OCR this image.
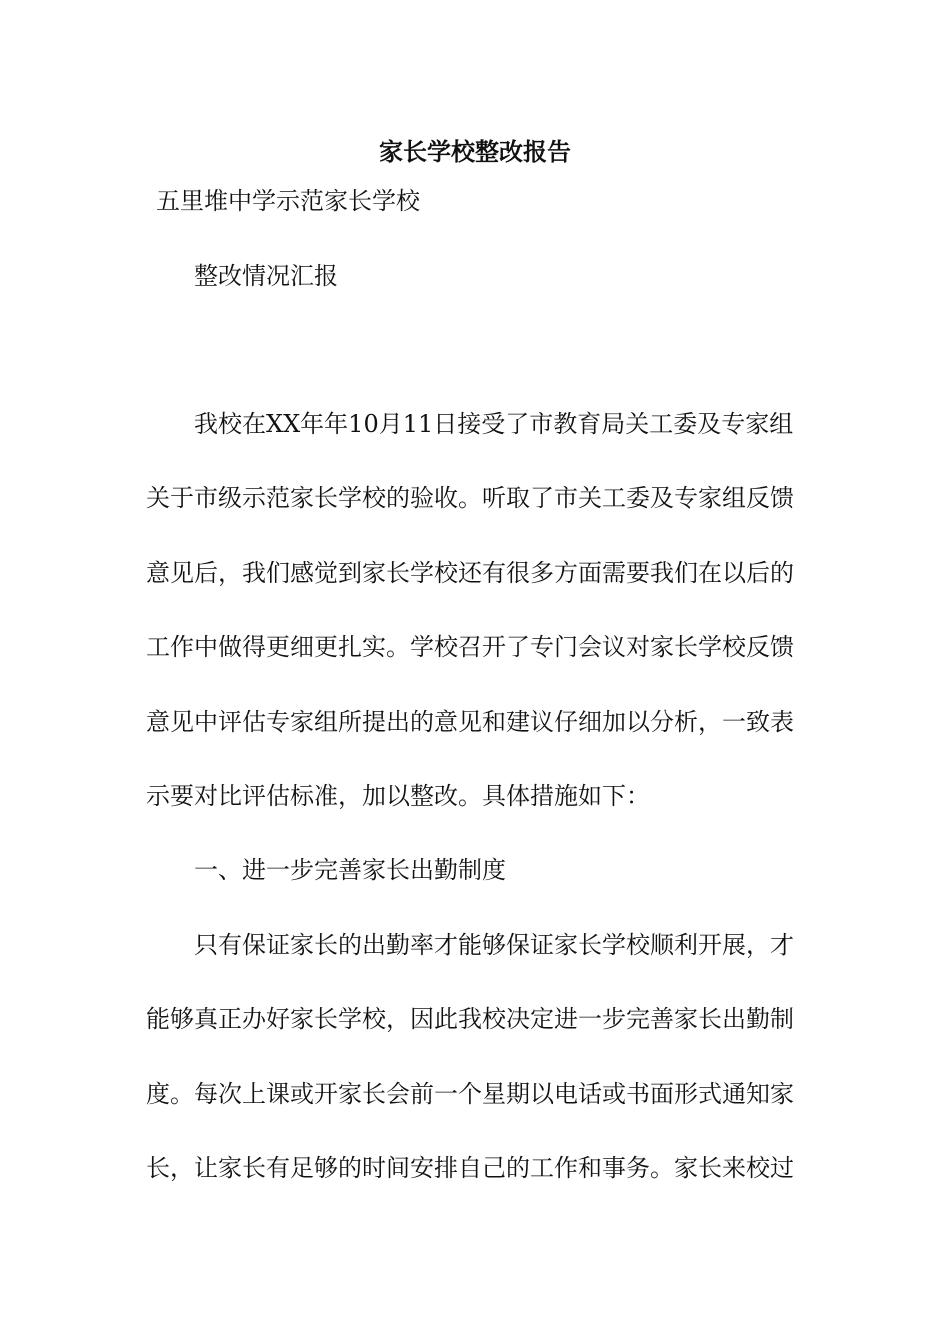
家长学校整改报告
五里堆中学示范家长学校
整改情况汇报
我校在XX年年10月11日接受了市教育局关工委及专家组
关于市级示范家长学校的验收。听取了市关工委及专家组反馈
意见后，我们感觉到家长学校还有很多方面需要我们在以后的
工作中做得更细更扎实。学校召开了专门会议对家长学校反馈
意见中评估专家组所提出的意见和建议仔细加以分析，一致表
示要对比评估标准，加以整改。具体措施如下：
一、进一步完善家长出勤制度
只有保证家长的出勤率才能够保证家长学校顺利开展，才
能够真正办好家长学校，因此我校决定进一步完善家长出勤制
度。每次上课或开家长会前一个星期以电话或书面形式通知家
长，让家长有足够的时间安排自己的工作和事务。家长来校过
